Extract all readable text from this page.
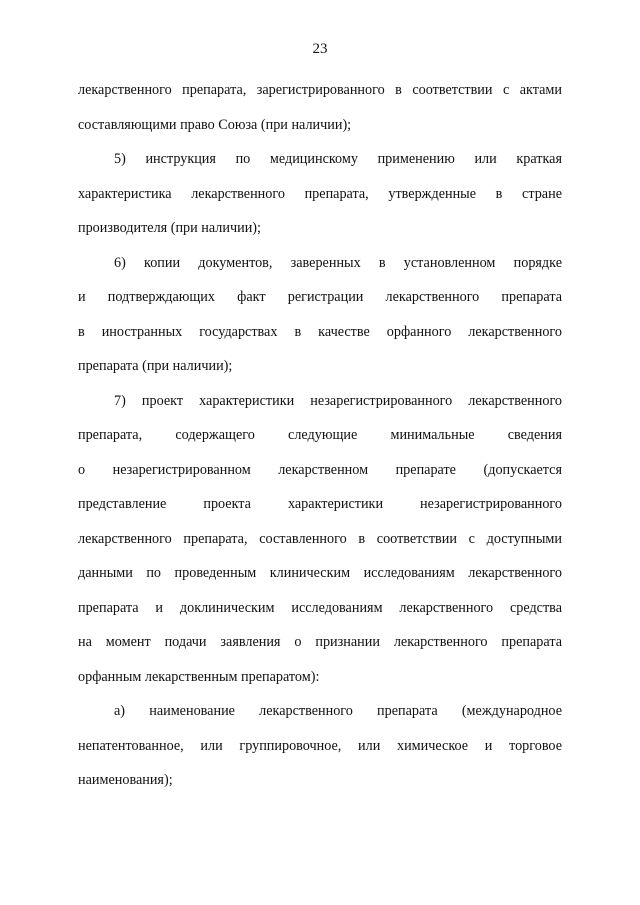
23
лекарственного препарата, зарегистрированного в соответствии с актами
составляющими право Союза (при наличии);
5) инструкция по медицинскому применению или краткая
характеристика лекарственного препарата, утвержденные в стране
производителя (при наличии);
6) копии документов, заверенных в установленном порядке
и подтверждающих факт регистрации лекарственного препарата
в иностранных государствах в качестве орфанного лекарственного
препарата (при наличии);
7) проект характеристики незарегистрированного лекарственного
препарата, содержащего следующие минимальные сведения
о незарегистрированном лекарственном препарате (допускается
представление проекта характеристики незарегистрированного
лекарственного препарата, составленного в соответствии с доступными
данными по проведенным клиническим исследованиям лекарственного
препарата и доклиническим исследованиям лекарственного средства
на момент подачи заявления о признании лекарственного препарата
орфанным лекарственным препаратом):
а) наименование лекарственного препарата (международное
непатентованное, или группировочное, или химическое и торговое
наименования);
